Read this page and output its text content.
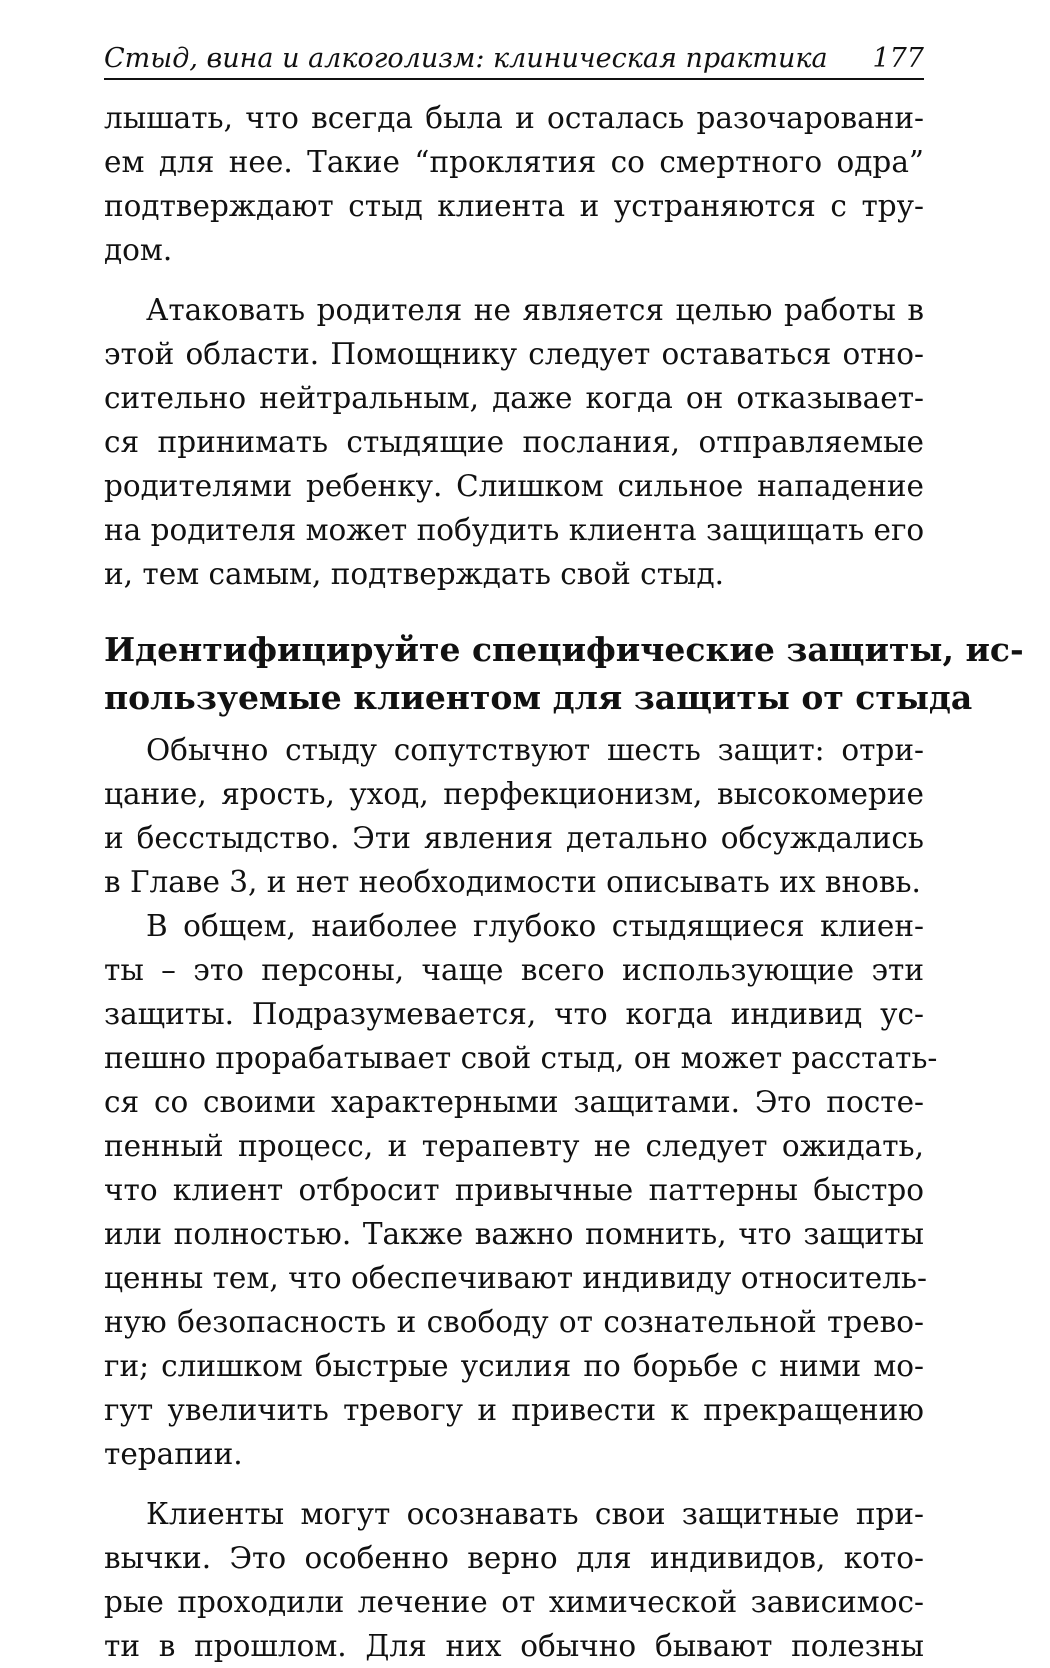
Стыд, вина и алкоголизм: клиническая практика 177
лышать, что всегда была и осталась разочаровани-
ем для нее. Такие “проклятия со смертного одра”
подтверждают стыд клиента и устраняются с тру-
дом.
Атаковать родителя не является целью работы в
этой области. Помощнику следует оставаться отно-
сительно нейтральным, даже когда он отказывает-
ся принимать стыдящие послания, отправляемые
родителями ребенку. Слишком сильное нападение
на родителя может побудить клиента защищать его
и, тем самым, подтверждать свой стыд.
Идентифицируйте специфические защиты, ис-
пользуемые клиентом для защиты от стыда
Обычно стыду сопутствуют шесть защит: отри-
цание, ярость, уход, перфекционизм, высокомерие
и бесстыдство. Эти явления детально обсуждались
в Главе 3, и нет необходимости описывать их вновь.
В общем, наиболее глубоко стыдящиеся клиен-
ты – это персоны, чаще всего использующие эти
защиты. Подразумевается, что когда индивид ус-
пешно прорабатывает свой стыд, он может расстать-
ся со своими характерными защитами. Это посте-
пенный процесс, и терапевту не следует ожидать,
что клиент отбросит привычные паттерны быстро
или полностью. Также важно помнить, что защиты
ценны тем, что обеспечивают индивиду относитель-
ную безопасность и свободу от сознательной трево-
ги; слишком быстрые усилия по борьбе с ними мо-
гут увеличить тревогу и привести к прекращению
терапии.
Клиенты могут осознавать свои защитные при-
вычки. Это особенно верно для индивидов, кото-
рые проходили лечение от химической зависимос-
ти в прошлом. Для них обычно бывают полезны
